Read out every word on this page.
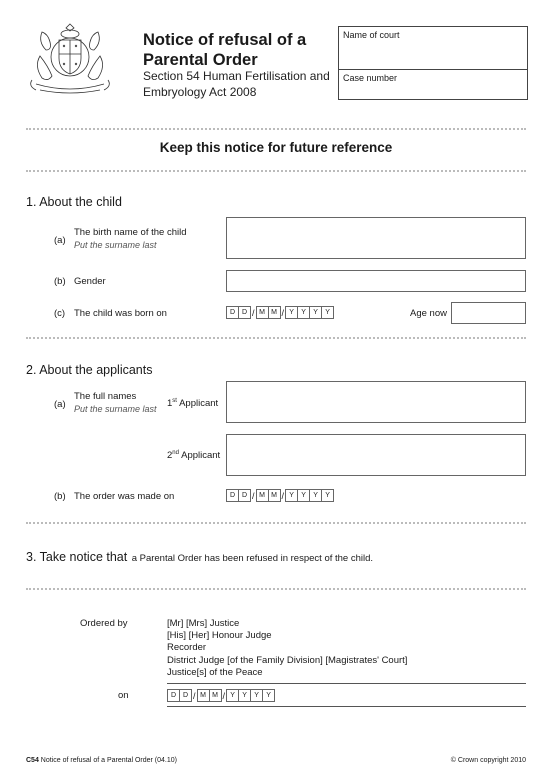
Notice of refusal of a
Parental Order
Section 54 Human Fertilisation and
Embryology Act 2008
Name of court
Case number
Keep this notice for future reference
1. About the child
(a)
The birth name of the child
Put the surname last
(b) Gender
(c) The child was born on	D D / M M / Y	Y	Y	Y	Age now
2. About the applicants
(a)
The full names
Put the surname last 1st Applicant
2nd Applicant
(b) The order was made on	D D / M M / Y	Y	Y	Y
3. Take notice that a Parental Order has been refused in respect of the child.
Ordered by	[Mr] [Mrs] Justice
[His] [Her] Honour Judge
Recorder
District Judge [of the Family Division] [Magistrates' Court]
Justice[s] of the Peace
on	D D / M M / Y	Y	Y	Y
C54 Notice of refusal of a Parental Order (04.10)	© Crown copyright 2010
